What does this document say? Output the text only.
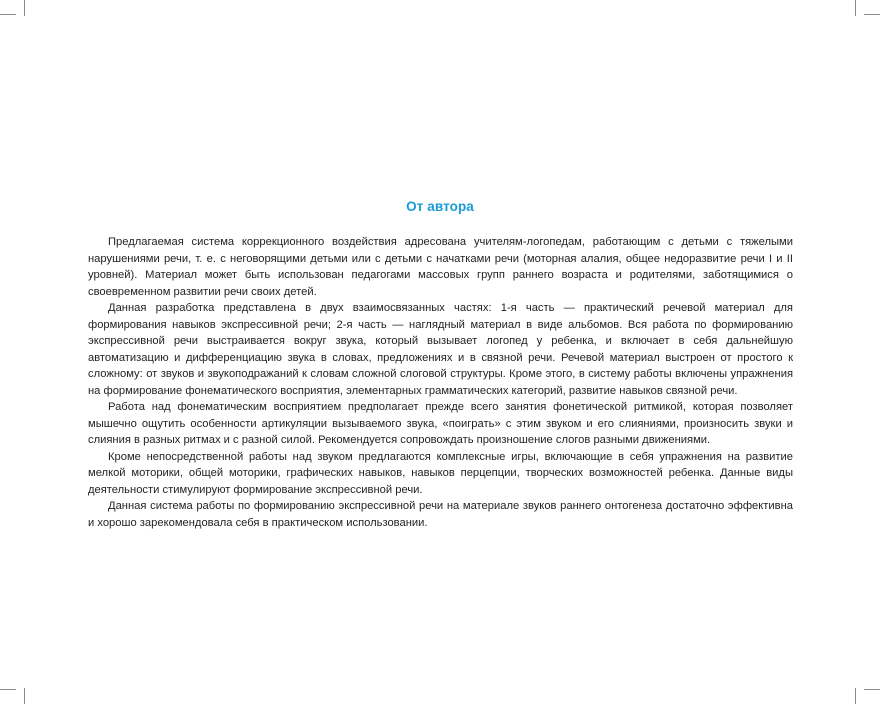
От автора

Предлагаемая система коррекционного воздействия адресована учителям-логопедам, работающим с детьми с тяжелыми нарушениями речи, т. е. с неговорящими детьми или с детьми с начатками речи (моторная алалия, общее недоразвитие речи I и II уровней). Материал может быть использован педагогами массовых групп раннего возраста и родителями, заботящимися о своевременном развитии речи своих детей.

Данная разработка представлена в двух взаимосвязанных частях: 1-я часть — практический речевой материал для формирования навыков экспрессивной речи; 2-я часть — наглядный материал в виде альбомов. Вся работа по формированию экспрессивной речи выстраивается вокруг звука, который вызывает логопед у ребенка, и включает в себя дальнейшую автоматизацию и дифференциацию звука в словах, предложениях и в связной речи. Речевой материал выстроен от простого к сложному: от звуков и звукоподражаний к словам сложной слоговой структуры. Кроме этого, в систему работы включены упражнения на формирование фонематического восприятия, элементарных грамматических категорий, развитие навыков связной речи.

Работа над фонематическим восприятием предполагает прежде всего занятия фонетической ритмикой, которая позволяет мышечно ощутить особенности артикуляции вызываемого звука, «поиграть» с этим звуком и его слияниями, произносить звуки и слияния в разных ритмах и с разной силой. Рекомендуется сопровождать произношение слогов разными движениями.

Кроме непосредственной работы над звуком предлагаются комплексные игры, включающие в себя упражнения на развитие мелкой моторики, общей моторики, графических навыков, навыков перцепции, творческих возможностей ребенка. Данные виды деятельности стимулируют формирование экспрессивной речи.

Данная система работы по формированию экспрессивной речи на материале звуков раннего онтогенеза достаточно эффективна и хорошо зарекомендовала себя в практическом использовании.
